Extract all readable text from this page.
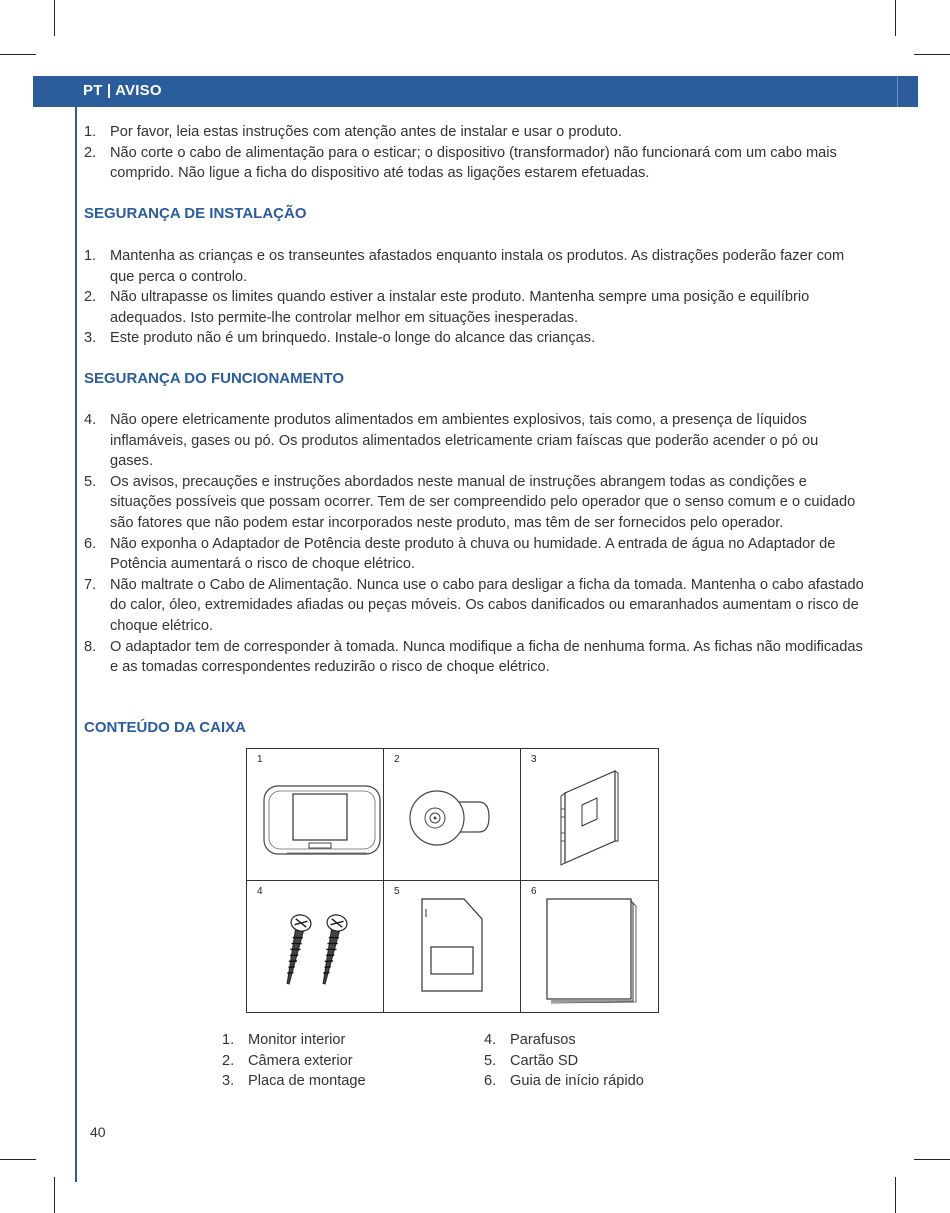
PT | AVISO
1. Por favor, leia estas instruções com atenção antes de instalar e usar o produto.
2. Não corte o cabo de alimentação para o esticar; o dispositivo (transformador) não funcionará com um cabo mais comprido. Não ligue a ficha do dispositivo até todas as ligações estarem efetuadas.
SEGURANÇA DE INSTALAÇÃO
1. Mantenha as crianças e os transeuntes afastados enquanto instala os produtos. As distrações poderão fazer com que perca o controlo.
2. Não ultrapasse os limites quando estiver a instalar este produto. Mantenha sempre uma posição e equilíbrio adequados. Isto permite-lhe controlar melhor em situações inesperadas.
3. Este produto não é um brinquedo. Instale-o longe do alcance das crianças.
SEGURANÇA DO FUNCIONAMENTO
4. Não opere eletricamente produtos alimentados em ambientes explosivos, tais como, a presença de líquidos inflamáveis, gases ou pó. Os produtos alimentados eletricamente criam faíscas que poderão acender o pó ou gases.
5. Os avisos, precauções e instruções abordados neste manual de instruções abrangem todas as condições e situações possíveis que possam ocorrer. Tem de ser compreendido pelo operador que o senso comum e o cuidado são fatores que não podem estar incorporados neste produto, mas têm de ser fornecidos pelo operador.
6. Não exponha o Adaptador de Potência deste produto à chuva ou humidade. A entrada de água no Adaptador de Potência aumentará o risco de choque elétrico.
7. Não maltrate o Cabo de Alimentação. Nunca use o cabo para desligar a ficha da tomada. Mantenha o cabo afastado do calor, óleo, extremidades afiadas ou peças móveis. Os cabos danificados ou emaranhados aumentam o risco de choque elétrico.
8. O adaptador tem de corresponder à tomada. Nunca modifique a ficha de nenhuma forma. As fichas não modificadas e as tomadas correspondentes reduzirão o risco de choque elétrico.
CONTEÚDO DA CAIXA
1	2	3
4	5	6
1. Monitor interior
2. Câmera exterior
3. Placa de montage
4. Parafusos
5. Cartão SD
6. Guia de início rápido
40
